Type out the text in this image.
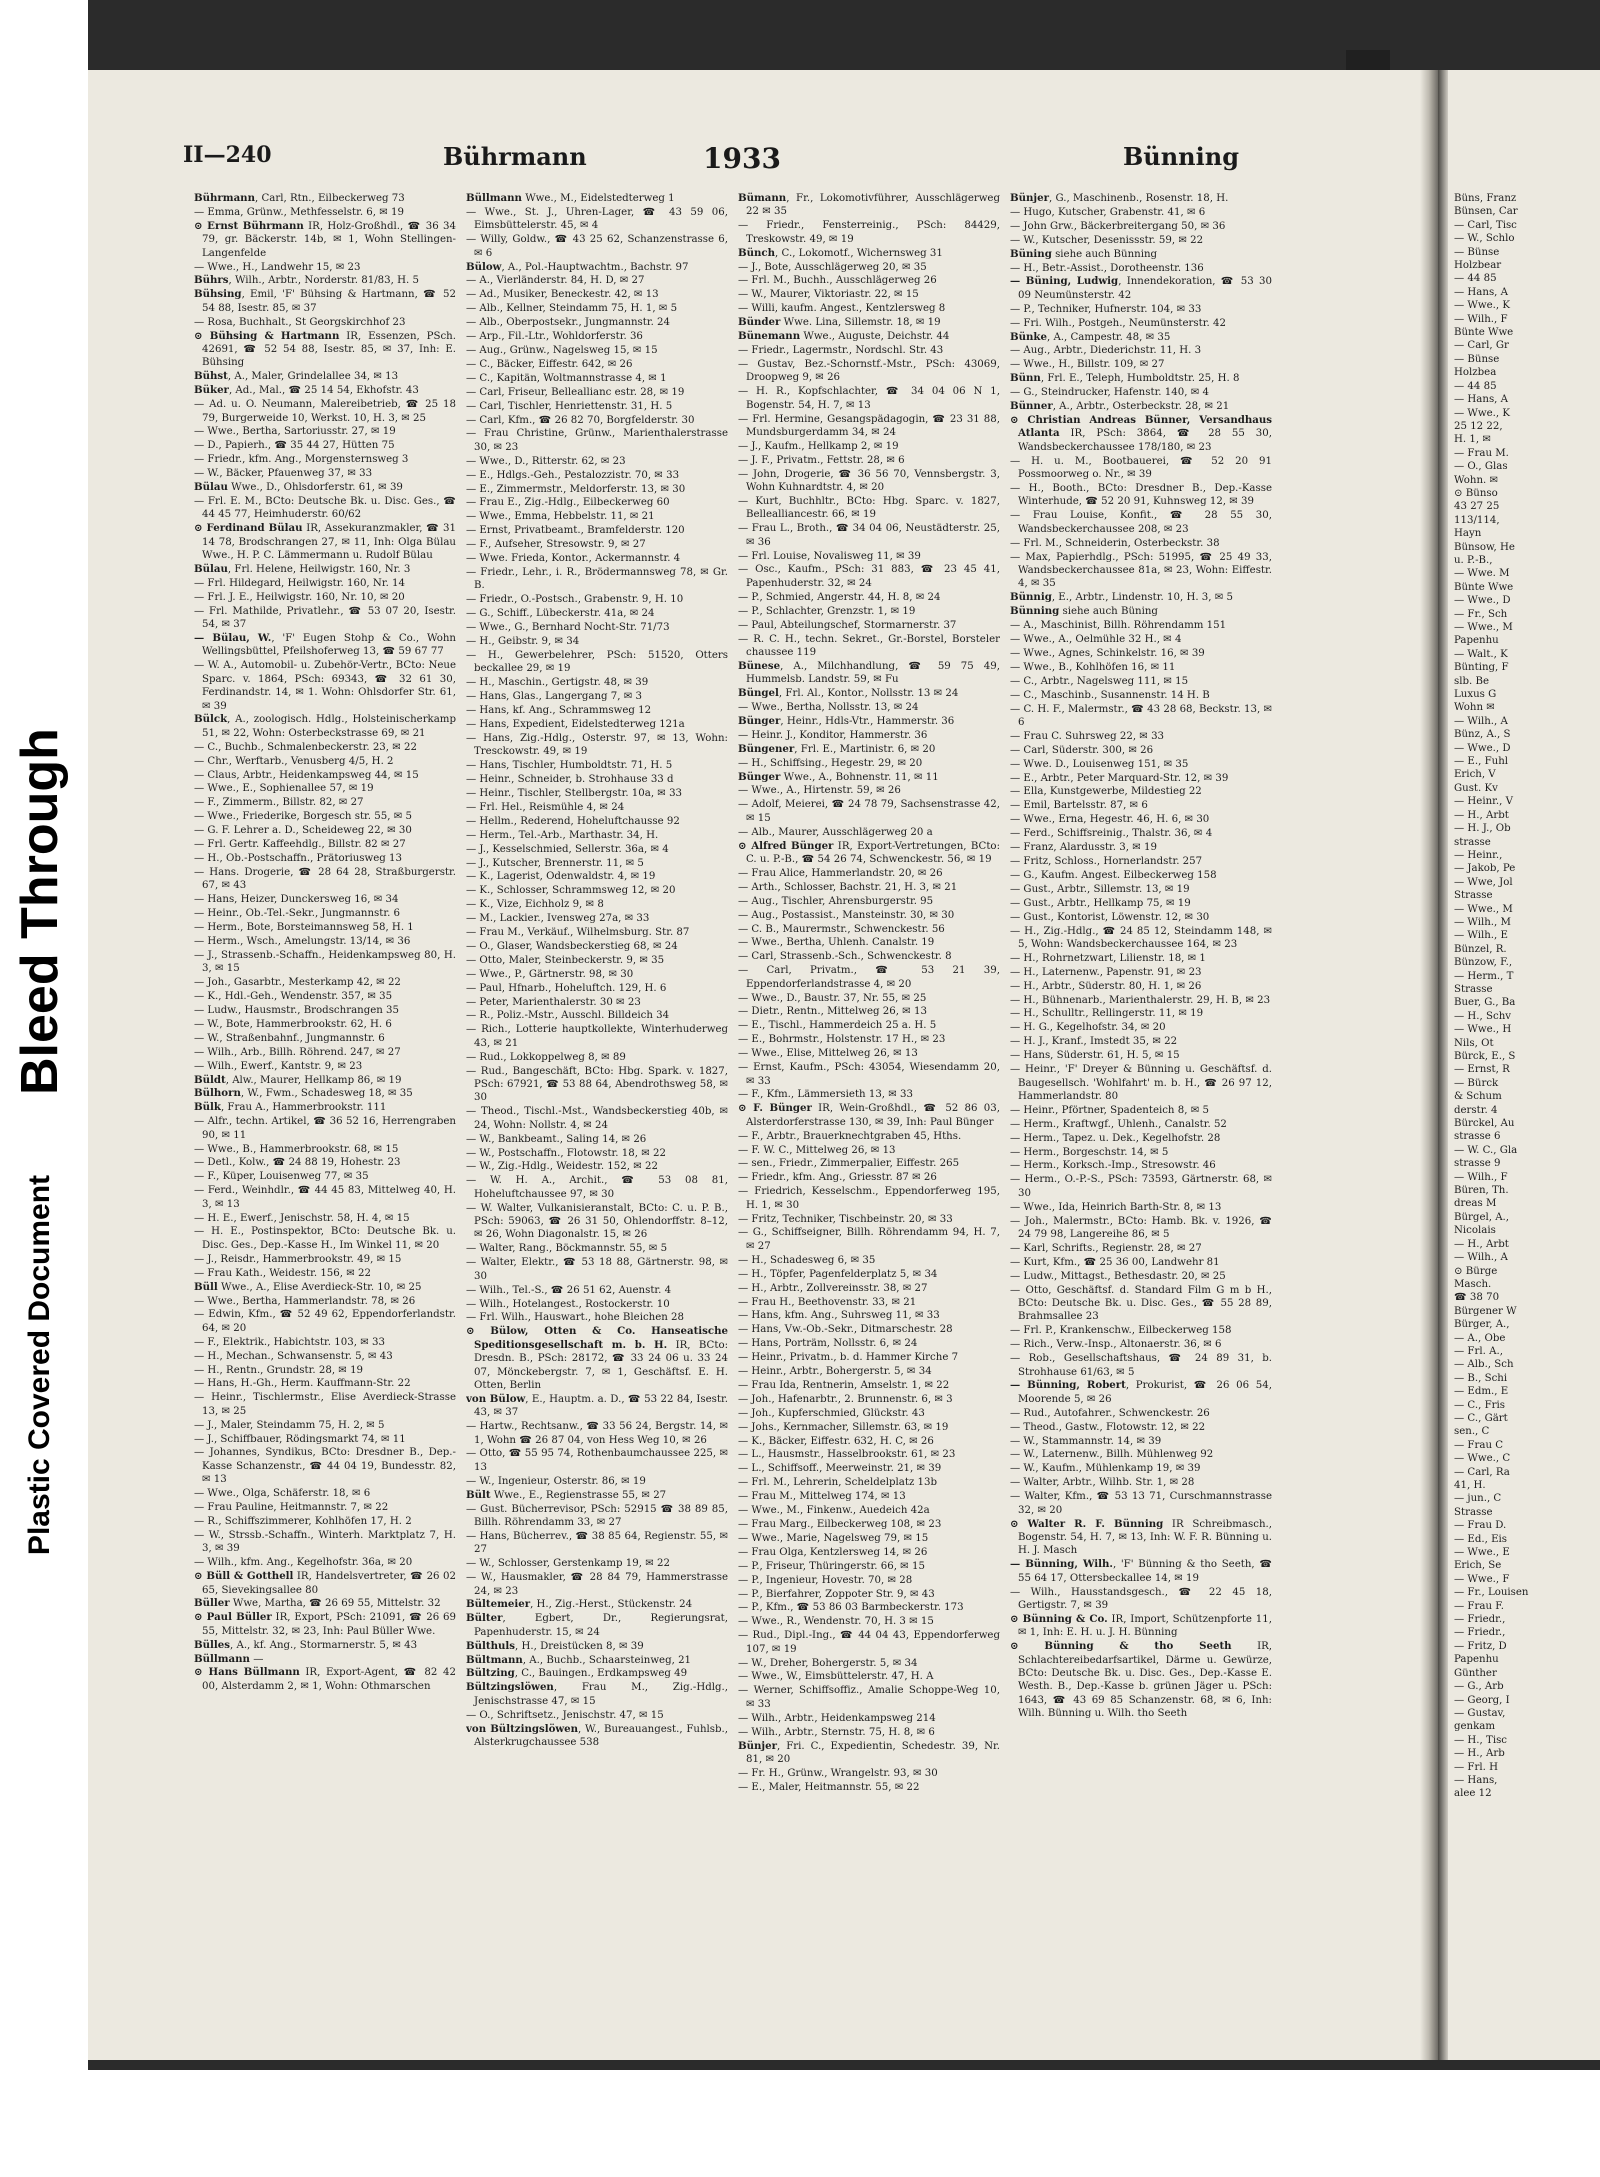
Bleed Through
Plastic Covered Document
II—240	Bührmann	1933	Bünning
Bührmann, Carl, Rtn., Eilbeckerweg 73
— Emma, Grünw., Methfesselstr. 6, ✉ 19
⊙ Ernst Bührmann IR, Holz-Großhdl., ☎ 36 34 79, gr. Bäckerstr. 14b, ✉ 1, Wohn Stellingen-Langenfelde
— Wwe., H., Landwehr 15, ✉ 23
Bührs, Wilh., Arbtr., Norderstr. 81/83, H. 5
Bühsing, Emil, 'F' Bühsing & Hartmann, ☎ 52 54 88, Isestr. 85, ✉ 37
— Rosa, Buchhalt., St Georgskirchhof 23
⊙ Bühsing & Hartmann IR, Essenzen, PSch. 42691, ☎ 52 54 88, Isestr. 85, ✉ 37, Inh: E. Bühsing
Bühst, A., Maler, Grindelallee 34, ✉ 13
Büker, Ad., Mal., ☎ 25 14 54, Ekhofstr. 43
— Ad. u. O. Neumann, Malereibetrieb, ☎ 25 18 79, Burgerweide 10, Werkst. 10, H. 3, ✉ 25
— Wwe., Bertha, Sartoriusstr. 27, ✉ 19
— D., Papierh., ☎ 35 44 27, Hütten 75
— Friedr., kfm. Ang., Morgensternsweg 3
— W., Bäcker, Pfauenweg 37, ✉ 33
Bülau Wwe., D., Ohlsdorferstr. 61, ✉ 39
— Frl. E. M., BCto: Deutsche Bk. u. Disc. Ges., ☎ 44 45 77, Heimhuderstr. 60/62
⊙ Ferdinand Bülau IR, Assekuranzmakler, ☎ 31 14 78, Brodschrangen 27, ✉ 11, Inh: Olga Bülau Wwe., H. P. C. Lämmermann u. Rudolf Bülau
Bülau, Frl. Helene, Heilwigstr. 160, Nr. 3
— Frl. Hildegard, Heilwigstr. 160, Nr. 14
— Frl. J. E., Heilwigstr. 160, Nr. 10, ✉ 20
— Frl. Mathilde, Privatlehr., ☎ 53 07 20, Isestr. 54, ✉ 37
— Bülau, W., 'F' Eugen Stohp & Co., Wohn Wellingsbüttel, Pfeilshoferweg 13, ☎ 59 67 77
— W. A., Automobil- u. Zubehör-Vertr., BCto: Neue Sparc. v. 1864, PSch: 69343, ☎ 32 61 30, Ferdinandstr. 14, ✉ 1. Wohn: Ohlsdorfer Str. 61, ✉ 39
Bülck, A., zoologisch. Hdlg., Holsteinischerkamp 51, ✉ 22, Wohn: Osterbeckstrasse 69, ✉ 21
— C., Buchb., Schmalenbeckerstr. 23, ✉ 22
— Chr., Werftarb., Venusberg 4/5, H. 2
— Claus, Arbtr., Heidenkampsweg 44, ✉ 15
— Wwe., E., Sophienallee 57, ✉ 19
— F., Zimmerm., Billstr. 82, ✉ 27
— Wwe., Friederike, Borgesch str. 55, ✉ 5
— G. F. Lehrer a. D., Scheideweg 22, ✉ 30
— Frl. Gertr. Kaffeehdlg., Billstr. 82 ✉ 27
— H., Ob.-Postschaffn., Prätoriusweg 13
— Hans. Drogerie, ☎ 28 64 28, Straßburgerstr. 67, ✉ 43
— Hans, Heizer, Dunckersweg 16, ✉ 34
— Heinr., Ob.-Tel.-Sekr., Jungmannstr. 6
— Herm., Bote, Borsteimannsweg 58, H. 1
— Herm., Wsch., Amelungstr. 13/14, ✉ 36
— J., Strassenb.-Schaffn., Heidenkampsweg 80, H. 3, ✉ 15
— Joh., Gasarbtr., Mesterkamp 42, ✉ 22
— K., Hdl.-Geh., Wendenstr. 357, ✉ 35
— Ludw., Hausmstr., Brodschrangen 35
— W., Bote, Hammerbrookstr. 62, H. 6
— W., Straßenbahnf., Jungmannstr. 6
— Wilh., Arb., Billh. Röhrend. 247, ✉ 27
— Wilh., Ewerf., Kantstr. 9, ✉ 23
Büldt, Alw., Maurer, Hellkamp 86, ✉ 19
Bülhorn, W., Fwm., Schadesweg 18, ✉ 35
Bülk, Frau A., Hammerbrookstr. 111
— Alfr., techn. Artikel, ☎ 36 52 16, Herrengraben 90, ✉ 11
— Wwe., B., Hammerbrookstr. 68, ✉ 15
— Detl., Kolw., ☎ 24 88 19, Hohestr. 23
— F., Küper, Louisenweg 77, ✉ 35
— Ferd., Weinhdlr., ☎ 44 45 83, Mittelweg 40, H. 3, ✉ 13
— H. E., Ewerf., Jenischstr. 58, H. 4, ✉ 15
— H. E., Postinspektor, BCto: Deutsche Bk. u. Disc. Ges., Dep.-Kasse H., Im Winkel 11, ✉ 20
— J., Reisdr., Hammerbrookstr. 49, ✉ 15
— Frau Kath., Weidestr. 156, ✉ 22
Büll Wwe., A., Elise Averdieck-Str. 10, ✉ 25
— Wwe., Bertha, Hammerlandstr. 78, ✉ 26
— Edwin, Kfm., ☎ 52 49 62, Eppendorferlandstr. 64, ✉ 20
— F., Elektrik., Habichtstr. 103, ✉ 33
— H., Mechan., Schwansenstr. 5, ✉ 43
— H., Rentn., Grundstr. 28, ✉ 19
— Hans, H.-Gh., Herm. Kauffmann-Str. 22
— Heinr., Tischlermstr., Elise Averdieck-Strasse 13, ✉ 25
— J., Maler, Steindamm 75, H. 2, ✉ 5
— J., Schiffbauer, Rödingsmarkt 74, ✉ 11
— Johannes, Syndikus, BCto: Dresdner B., Dep.-Kasse Schanzenstr., ☎ 44 04 19, Bundesstr. 82, ✉ 13
— Wwe., Olga, Schäferstr. 18, ✉ 6
— Frau Pauline, Heitmannstr. 7, ✉ 22
— R., Schiffszimmerer, Kohlhöfen 17, H. 2
— W., Strssb.-Schaffn., Winterh. Marktplatz 7, H. 3, ✉ 39
— Wilh., kfm. Ang., Kegelhofstr. 36a, ✉ 20
⊙ Büll & Gotthell IR, Handelsvertreter, ☎ 26 02 65, Sievekingsallee 80
Büller Wwe, Martha, ☎ 26 69 55, Mittelstr. 32
⊙ Paul Büller IR, Export, PSch: 21091, ☎ 26 69 55, Mittelstr. 32, ✉ 23, Inh: Paul Büller Wwe.
Bülles, A., kf. Ang., Stormarnerstr. 5, ✉ 43
Büllmann —
⊙ Hans Büllmann IR, Export-Agent, ☎ 82 42 00, Alsterdamm 2, ✉ 1, Wohn: Othmarschen
Büllmann Wwe., M., Eidelstedterweg 1
— Wwe., St. J., Uhren-Lager, ☎ 43 59 06, Eimsbüttelerstr. 45, ✉ 4
— Willy, Goldw., ☎ 43 25 62, Schanzenstrasse 6, ✉ 6
Bülow, A., Pol.-Hauptwachtm., Bachstr. 97
— A., Vierländerstr. 84, H. D, ✉ 27
— Ad., Musiker, Beneckestr. 42, ✉ 13
— Alb., Kellner, Steindamm 75, H. 1, ✉ 5
— Alb., Oberpostsekr., Jungmannstr. 24
— Arp., Fil.-Ltr., Wohldorferstr. 36
— Aug., Grünw., Nagelsweg 15, ✉ 15
— C., Bäcker, Eiffestr. 642, ✉ 26
— C., Kapitän, Woltmannstrasse 4, ✉ 1
— Carl, Friseur, Belleallianc estr. 28, ✉ 19
— Carl, Tischler, Henriettenstr. 31, H. 5
— Carl, Kfm., ☎ 26 82 70, Borgfelderstr. 30
— Frau Christine, Grünw., Marienthalerstrasse 30, ✉ 23
— Wwe., D., Ritterstr. 62, ✉ 23
— E., Hdlgs.-Geh., Pestalozzistr. 70, ✉ 33
— E., Zimmermstr., Meldorferstr. 13, ✉ 30
— Frau E., Zig.-Hdlg., Eilbeckerweg 60
— Wwe., Emma, Hebbelstr. 11, ✉ 21
— Ernst, Privatbeamt., Bramfelderstr. 120
— F., Aufseher, Stresowstr. 9, ✉ 27
— Wwe. Frieda, Kontor., Ackermannstr. 4
— Friedr., Lehr., i. R., Brödermannsweg 78, ✉ Gr. B.
— Friedr., O.-Postsch., Grabenstr. 9, H. 10
— G., Schiff., Lübeckerstr. 41a, ✉ 24
— Wwe., G., Bernhard Nocht-Str. 71/73
— H., Geibstr. 9, ✉ 34
— H., Gewerbelehrer, PSch: 51520, Otters beckallee 29, ✉ 19
— H., Maschin., Gertigstr. 48, ✉ 39
— Hans, Glas., Langergang 7, ✉ 3
— Hans, kf. Ang., Schrammsweg 12
— Hans, Expedient, Eidelstedterweg 121a
— Hans, Zig.-Hdlg., Osterstr. 97, ✉ 13, Wohn: Tresckowstr. 49, ✉ 19
— Hans, Tischler, Humboldtstr. 71, H. 5
— Heinr., Schneider, b. Strohhause 33 d
— Heinr., Tischler, Stellbergstr. 10a, ✉ 33
— Frl. Hel., Reismühle 4, ✉ 24
— Hellm., Rederend, Hoheluftchausse 92
— Herm., Tel.-Arb., Marthastr. 34, H.
— J., Kesselschmied, Sellerstr. 36a, ✉ 4
— J., Kutscher, Brennerstr. 11, ✉ 5
— K., Lagerist, Odenwaldstr. 4, ✉ 19
— K., Schlosser, Schrammsweg 12, ✉ 20
— K., Vize, Eichholz 9, ✉ 8
— M., Lackier., Ivensweg 27a, ✉ 33
— Frau M., Verkäuf., Wilhelmsburg. Str. 87
— O., Glaser, Wandsbeckerstieg 68, ✉ 24
— Otto, Maler, Steinbeckerstr. 9, ✉ 35
— Wwe., P., Gärtnerstr. 98, ✉ 30
— Paul, Hfnarb., Hoheluftch. 129, H. 6
— Peter, Marienthalerstr. 30 ✉ 23
— R., Poliz.-Mstr., Ausschl. Billdeich 34
— Rich., Lotterie hauptkollekte, Winterhuderweg 43, ✉ 21
— Rud., Lokkoppelweg 8, ✉ 89
— Rud., Bangeschäft, BCto: Hbg. Spark. v. 1827, PSch: 67921, ☎ 53 88 64, Abendrothsweg 58, ✉ 30
— Theod., Tischl.-Mst., Wandsbeckerstieg 40b, ✉ 24, Wohn: Nollstr. 4, ✉ 24
— W., Bankbeamt., Saling 14, ✉ 26
— W., Postschaffn., Flotowstr. 18, ✉ 22
— W., Zig.-Hdlg., Weidestr. 152, ✉ 22
— W. H. A., Archit., ☎ 53 08 81, Hoheluftchaussee 97, ✉ 30
— W. Walter, Vulkanisieranstalt, BCto: C. u. P. B., PSch: 59063, ☎ 26 31 50, Ohlendorffstr. 8–12, ✉ 26, Wohn Diagonalstr. 15, ✉ 26
— Walter, Rang., Böckmannstr. 55, ✉ 5
— Walter, Elektr., ☎ 53 18 88, Gärtnerstr. 98, ✉ 30
— Wilh., Tel.-S., ☎ 26 51 62, Auenstr. 4
— Wilh., Hotelangest., Rostockerstr. 10
— Frl. Wilh., Hauswart., hohe Bleichen 28
⊙ Bülow, Otten & Co. Hanseatische Speditionsgesellschaft m. b. H. IR, BCto: Dresdn. B., PSch: 28172, ☎ 33 24 06 u. 33 24 07, Mönckebergstr. 7, ✉ 1, Geschäftsf. E. H. Otten, Berlin
von Bülow, E., Hauptm. a. D., ☎ 53 22 84, Isestr. 43, ✉ 37
— Hartw., Rechtsanw., ☎ 33 56 24, Bergstr. 14, ✉ 1, Wohn ☎ 26 87 04, von Hess Weg 10, ✉ 26
— Otto, ☎ 55 95 74, Rothenbaumchaussee 225, ✉ 13
— W., Ingenieur, Osterstr. 86, ✉ 19
Bült Wwe., E., Regienstrasse 55, ✉ 27
— Gust. Bücherrevisor, PSch: 52915 ☎ 38 89 85, Billh. Röhrendamm 33, ✉ 27
— Hans, Bücherrev., ☎ 38 85 64, Regienstr. 55, ✉ 27
— W., Schlosser, Gerstenkamp 19, ✉ 22
— W., Hausmakler, ☎ 28 84 79, Hammerstrasse 24, ✉ 23
Bültemeier, H., Zig.-Herst., Stückenstr. 24
Bülter, Egbert, Dr., Regierungsrat, Papenhuderstr. 15, ✉ 24
Bülthuls, H., Dreistücken 8, ✉ 39
Bültmann, A., Buchb., Schaarsteinweg, 21
Bültzing, C., Bauingen., Erdkampsweg 49
Bültzingslöwen, Frau M., Zig.-Hdlg., Jenischstrasse 47, ✉ 15
— O., Schriftsetz., Jenischstr. 47, ✉ 15
von Bültzingslöwen, W., Bureauangest., Fuhlsb., Alsterkrugchaussee 538
Bümann, Fr., Lokomotivführer, Ausschlägerweg 22 ✉ 35
— Friedr., Fensterreinig., PSch: 84429, Treskowstr. 49, ✉ 19
Bünch, C., Lokomotf., Wichernsweg 31
— J., Bote, Ausschlägerweg 20, ✉ 35
— Frl. M., Buchh., Ausschlägerweg 26
— W., Maurer, Viktoriastr. 22, ✉ 15
— Willi, kaufm. Angest., Kentzlersweg 8
Bünder Wwe. Lina, Sillemstr. 18, ✉ 19
Bünemann Wwe., Auguste, Deichstr. 44
— Friedr., Lagermstr., Nordschl. Str. 43
— Gustav, Bez.-Schornstf.-Mstr., PSch: 43069, Droopweg 9, ✉ 26
— H. R., Kopfschlachter, ☎ 34 04 06 N 1, Bogenstr. 54, H. 7, ✉ 13
— Frl. Hermine, Gesangspädagogin, ☎ 23 31 88, Mundsburgerdamm 34, ✉ 24
— J., Kaufm., Hellkamp 2, ✉ 19
— J. F., Privatm., Fettstr. 28, ✉ 6
— John, Drogerie, ☎ 36 56 70, Vennsbergstr. 3, Wohn Kuhnardtstr. 4, ✉ 20
— Kurt, Buchhltr., BCto: Hbg. Sparc. v. 1827, Bellealliancestr. 66, ✉ 19
— Frau L., Broth., ☎ 34 04 06, Neustädterstr. 25, ✉ 36
— Frl. Louise, Novalisweg 11, ✉ 39
— Osc., Kaufm., PSch: 31 883, ☎ 23 45 41, Papenhuderstr. 32, ✉ 24
— P., Schmied, Angerstr. 44, H. 8, ✉ 24
— P., Schlachter, Grenzstr. 1, ✉ 19
— Paul, Abteilungschef, Stormarnerstr. 37
— R. C. H., techn. Sekret., Gr.-Borstel, Borsteler chaussee 119
Bünese, A., Milchhandlung, ☎ 59 75 49, Hummelsb. Landstr. 59, ✉ Fu
Büngel, Frl. Al., Kontor., Nollsstr. 13 ✉ 24
— Wwe., Bertha, Nollsstr. 13, ✉ 24
Bünger, Heinr., Hdls-Vtr., Hammerstr. 36
— Heinr. J., Konditor, Hammerstr. 36
Büngener, Frl. E., Martinistr. 6, ✉ 20
— H., Schiffsing., Hegestr. 29, ✉ 20
Bünger Wwe., A., Bohnenstr. 11, ✉ 11
— Wwe., A., Hirtenstr. 59, ✉ 26
— Adolf, Meierei, ☎ 24 78 79, Sachsenstrasse 42, ✉ 15
— Alb., Maurer, Ausschlägerweg 20 a
⊙ Alfred Bünger IR, Export-Vertretungen, BCto: C. u. P.-B., ☎ 54 26 74, Schwenckestr. 56, ✉ 19
— Frau Alice, Hammerlandstr. 20, ✉ 26
— Arth., Schlosser, Bachstr. 21, H. 3, ✉ 21
— Aug., Tischler, Ahrensburgerstr. 95
— Aug., Postassist., Mansteinstr. 30, ✉ 30
— C. B., Maurermstr., Schwenckestr. 56
— Wwe., Bertha, Uhlenh. Canalstr. 19
— Carl, Strassenb.-Sch., Schwenckestr. 8
— Carl, Privatm., ☎ 53 21 39, Eppendorferlandstrasse 4, ✉ 20
— Wwe., D., Baustr. 37, Nr. 55, ✉ 25
— Dietr., Rentn., Mittelweg 26, ✉ 13
— E., Tischl., Hammerdeich 25 a. H. 5
— E., Bohrmstr., Holstenstr. 17 H., ✉ 23
— Wwe., Elise, Mittelweg 26, ✉ 13
— Ernst, Kaufm., PSch: 43054, Wiesendamm 20, ✉ 33
— F., Kfm., Lämmersieth 13, ✉ 33
⊙ F. Bünger IR, Wein-Großhdl., ☎ 52 86 03, Alsterdorferstrasse 130, ✉ 39, Inh: Paul Bünger
— F., Arbtr., Brauerknechtgraben 45, Hths.
— F. W. C., Mittelweg 26, ✉ 13
— sen., Friedr., Zimmerpalier, Eiffestr. 265
— Friedr., kfm. Ang., Griesstr. 87 ✉ 26
— Friedrich, Kesselschm., Eppendorferweg 195, H. 1, ✉ 30
— Fritz, Techniker, Tischbeinstr. 20, ✉ 33
— G., Schiffseigner, Billh. Röhrendamm 94, H. 7, ✉ 27
— H., Schadesweg 6, ✉ 35
— H., Töpfer, Pagenfelderplatz 5, ✉ 34
— H., Arbtr., Zollvereinsstr. 38, ✉ 27
— Frau H., Beethovenstr. 33, ✉ 21
— Hans, kfm. Ang., Suhrsweg 11, ✉ 33
— Hans, Vw.-Ob.-Sekr., Ditmarschestr. 28
— Hans, Porträm, Nollsstr. 6, ✉ 24
— Heinr., Privatm., b. d. Hammer Kirche 7
— Heinr., Arbtr., Bohergerstr. 5, ✉ 34
— Frau Ida, Rentnerin, Amselstr. 1, ✉ 22
— Joh., Hafenarbtr., 2. Brunnenstr. 6, ✉ 3
— Joh., Kupferschmied, Glückstr. 43
— Johs., Kernmacher, Sillemstr. 63, ✉ 19
— K., Bäcker, Eiffestr. 632, H. C, ✉ 26
— L., Hausmstr., Hasselbrookstr. 61, ✉ 23
— L., Schiffsoff., Meerweinstr. 21, ✉ 39
— Frl. M., Lehrerin, Scheldelplatz 13b
— Frau M., Mittelweg 174, ✉ 13
— Wwe., M., Finkenw., Auedeich 42a
— Frau Marg., Eilbeckerweg 108, ✉ 23
— Wwe., Marie, Nagelsweg 79, ✉ 15
— Frau Olga, Kentzlersweg 14, ✉ 26
— P., Friseur, Thüringerstr. 66, ✉ 15
— P., Ingenieur, Hovestr. 70, ✉ 28
— P., Bierfahrer, Zoppoter Str. 9, ✉ 43
— P., Kfm., ☎ 53 86 03 Barmbeckerstr. 173
— Wwe., R., Wendenstr. 70, H. 3 ✉ 15
— Rud., Dipl.-Ing., ☎ 44 04 43, Eppendorferweg 107, ✉ 19
— W., Dreher, Bohergerstr. 5, ✉ 34
— Wwe., W., Eimsbüttelerstr. 47, H. A
— Werner, Schiffsoffiz., Amalie Schoppe-Weg 10, ✉ 33
— Wilh., Arbtr., Heidenkampsweg 214
— Wilh., Arbtr., Sternstr. 75, H. 8, ✉ 6
Bünjer, Fri. C., Expedientin, Schedestr. 39, Nr. 81, ✉ 20
— Fr. H., Grünw., Wrangelstr. 93, ✉ 30
— E., Maler, Heitmannstr. 55, ✉ 22
Bünjer, G., Maschinenb., Rosenstr. 18, H.
— Hugo, Kutscher, Grabenstr. 41, ✉ 6
— John Grw., Bäckerbreitergang 50, ✉ 36
— W., Kutscher, Desenissstr. 59, ✉ 22
Büning siehe auch Bünning
— H., Betr.-Assist., Dorotheenstr. 136
— Büning, Ludwig, Innendekoration, ☎ 53 30 09 Neumünsterstr. 42
— P., Techniker, Hufnerstr. 104, ✉ 33
— Fri. Wilh., Postgeh., Neumünsterstr. 42
Bünke, A., Campestr. 48, ✉ 35
— Aug., Arbtr., Diederichstr. 11, H. 3
— Wwe., H., Billstr. 109, ✉ 27
Bünn, Frl. E., Teleph, Humboldtstr. 25, H. 8
— G., Steindrucker, Hafenstr. 140, ✉ 4
Bünner, A., Arbtr., Osterbeckstr. 28, ✉ 21
⊙ Christian Andreas Bünner, Versandhaus Atlanta IR, PSch: 3864, ☎ 28 55 30, Wandsbeckerchaussee 178/180, ✉ 23
— H. u. M., Bootbauerei, ☎ 52 20 91 Possmoorweg o. Nr., ✉ 39
— H., Booth., BCto: Dresdner B., Dep.-Kasse Winterhude, ☎ 52 20 91, Kuhnsweg 12, ✉ 39
— Frau Louise, Konfit., ☎ 28 55 30, Wandsbeckerchaussee 208, ✉ 23
— Frl. M., Schneiderin, Osterbeckstr. 38
— Max, Papierhdlg., PSch: 51995, ☎ 25 49 33, Wandsbeckerchaussee 81a, ✉ 23, Wohn: Eiffestr. 4, ✉ 35
Bünnig, E., Arbtr., Lindenstr. 10, H. 3, ✉ 5
Bünning siehe auch Büning
— A., Maschinist, Billh. Röhrendamm 151
— Wwe., A., Oelmühle 32 H., ✉ 4
— Wwe., Agnes, Schinkelstr. 16, ✉ 39
— Wwe., B., Kohlhöfen 16, ✉ 11
— C., Arbtr., Nagelsweg 111, ✉ 15
— C., Maschinb., Susannenstr. 14 H. B
— C. H. F., Malermstr., ☎ 43 28 68, Beckstr. 13, ✉ 6
— Frau C. Suhrsweg 22, ✉ 33
— Carl, Süderstr. 300, ✉ 26
— Wwe. D., Louisenweg 151, ✉ 35
— E., Arbtr., Peter Marquard-Str. 12, ✉ 39
— Ella, Kunstgewerbe, Mildestieg 22
— Emil, Bartelsstr. 87, ✉ 6
— Wwe., Erna, Hegestr. 46, H. 6, ✉ 30
— Ferd., Schiffsreinig., Thalstr. 36, ✉ 4
— Franz, Alardusstr. 3, ✉ 19
— Fritz, Schloss., Hornerlandstr. 257
— G., Kaufm. Angest. Eilbeckerweg 158
— Gust., Arbtr., Sillemstr. 13, ✉ 19
— Gust., Arbtr., Hellkamp 75, ✉ 19
— Gust., Kontorist, Löwenstr. 12, ✉ 30
— H., Zig.-Hdlg., ☎ 24 85 12, Steindamm 148, ✉ 5, Wohn: Wandsbeckerchaussee 164, ✉ 23
— H., Rohrnetzwart, Lilienstr. 18, ✉ 1
— H., Laternenw., Papenstr. 91, ✉ 23
— H., Arbtr., Süderstr. 80, H. 1, ✉ 26
— H., Bühnenarb., Marienthalerstr. 29, H. B, ✉ 23
— H., Schulltr., Rellingerstr. 11, ✉ 19
— H. G., Kegelhofstr. 34, ✉ 20
— H. J., Kranf., Imstedt 35, ✉ 22
— Hans, Süderstr. 61, H. 5, ✉ 15
— Heinr., 'F' Dreyer & Bünning u. Geschäftsf. d. Baugesellsch. 'Wohlfahrt' m. b. H., ☎ 26 97 12, Hammerlandstr. 80
— Heinr., Pförtner, Spadenteich 8, ✉ 5
— Herm., Kraftwgf., Uhlenh., Canalstr. 52
— Herm., Tapez. u. Dek., Kegelhofstr. 28
— Herm., Borgeschstr. 14, ✉ 5
— Herm., Korksch.-Imp., Stresowstr. 46
— Herm., O.-P.-S., PSch: 73593, Gärtnerstr. 68, ✉ 30
— Wwe., Ida, Heinrich Barth-Str. 8, ✉ 13
— Joh., Malermstr., BCto: Hamb. Bk. v. 1926, ☎ 24 79 98, Langereihe 86, ✉ 5
— Karl, Schrifts., Regienstr. 28, ✉ 27
— Kurt, Kfm., ☎ 25 36 00, Landwehr 81
— Ludw., Mittagst., Bethesdastr. 20, ✉ 25
— Otto, Geschäftsf. d. Standard Film G m b H., BCto: Deutsche Bk. u. Disc. Ges., ☎ 55 28 89, Brahmsallee 23
— Frl. P., Krankenschw., Eilbeckerweg 158
— Rich., Verw.-Insp., Altonaerstr. 36, ✉ 6
— Rob., Gesellschaftshaus, ☎ 24 89 31, b. Strohhause 61/63, ✉ 5
— Bünning, Robert, Prokurist, ☎ 26 06 54, Moorende 5, ✉ 26
— Rud., Autofahrer., Schwenckestr. 26
— Theod., Gastw., Flotowstr. 12, ✉ 22
— W., Stammannstr. 14, ✉ 39
— W., Laternenw., Billh. Mühlenweg 92
— W., Kaufm., Mühlenkamp 19, ✉ 39
— Walter, Arbtr., Wilhb. Str. 1, ✉ 28
— Walter, Kfm., ☎ 53 13 71, Curschmannstrasse 32, ✉ 20
⊙ Walter R. F. Bünning IR Schreibmasch., Bogenstr. 54, H. 7, ✉ 13, Inh: W. F. R. Bünning u. H. J. Masch
— Bünning, Wilh., 'F' Bünning & tho Seeth, ☎ 55 64 17, Ottersbeckallee 14, ✉ 19
— Wilh., Hausstandsgesch., ☎ 22 45 18, Gertigstr. 7, ✉ 39
⊙ Bünning & Co. IR, Import, Schützenpforte 11, ✉ 1, Inh: E. H. u. J. H. Bünning
⊙ Bünning & tho Seeth IR, Schlachtereibedarfsartikel, Därme u. Gewürze, BCto: Deutsche Bk. u. Disc. Ges., Dep.-Kasse E. Westh. B., Dep.-Kasse b. grünen Jäger u. PSch: 1643, ☎ 43 69 85 Schanzenstr. 68, ✉ 6, Inh: Wilh. Bünning u. Wilh. tho Seeth
Büns, Franz
Bünsen, Car
— Carl, Tisc
— W., Schlo
— Bünse
Holzbear
— 44 85
— Hans, A
— Wwe., K
— Wilh., F
Bünte Wwe
— Carl, Gr
— Bünse
Holzbea
— 44 85
— Hans, A
— Wwe., K
25 12 22,
H. 1, ✉
— Frau M.
— O., Glas
Wohn. ✉
⊙ Bünso
43 27 25
113/114,
Hayn
Bünsow, He
u. P.-B.,
— Wwe. M
Bünte Wwe
— Wwe., D
— Fr., Sch
— Wwe., M
Papenhu
— Walt., K
Bünting, F
slb. Be
Luxus G
Wohn ✉
— Wilh., A
Bünz, A., S
— Wwe., D
— E., Fuhl
Erich, V
Gust. Kv
— Heinr., V
— H., Arbt
— H. J., Ob
strasse
— Heinr.,
— Jakob, Pe
— Wwe, Jol
Strasse
— Wwe., M
— Wilh., M
— Wilh., E
Bünzel, R.
Bünzow, F.,
— Herm., T
Strasse
Buer, G., Ba
— H., Schv
— Wwe., H
Nils, Ot
Bürck, E., S
— Ernst, R
— Bürck
& Schum
derstr. 4
Bürckel, Au
strasse 6
— W. C., Gla
strasse 9
— Wilh., F
Büren, Th.
dreas M
Bürgel, A.,
Nicolais
— H., Arbt
— Wilh., A
⊙ Bürge
Masch.
☎ 38 70
Bürgener W
Bürger, A.,
— A., Obe
— Frl. A.,
— Alb., Sch
— B., Schi
— Edm., E
— C., Fris
— C., Gärt
sen., C
— Frau C
— Wwe., C
— Carl, Ra
41, H.
— jun., C
Strasse
— Frau D.
— Ed., Eis
— Wwe., E
Erich, Se
— Wwe., F
— Fr., Louisen
— Frau F.
— Friedr.,
— Friedr.,
— Fritz, D
Papenhu
Günther
— G., Arb
— Georg, I
— Gustav,
genkam
— H., Tisc
— H., Arb
— Frl. H
— Hans,
alee 12
